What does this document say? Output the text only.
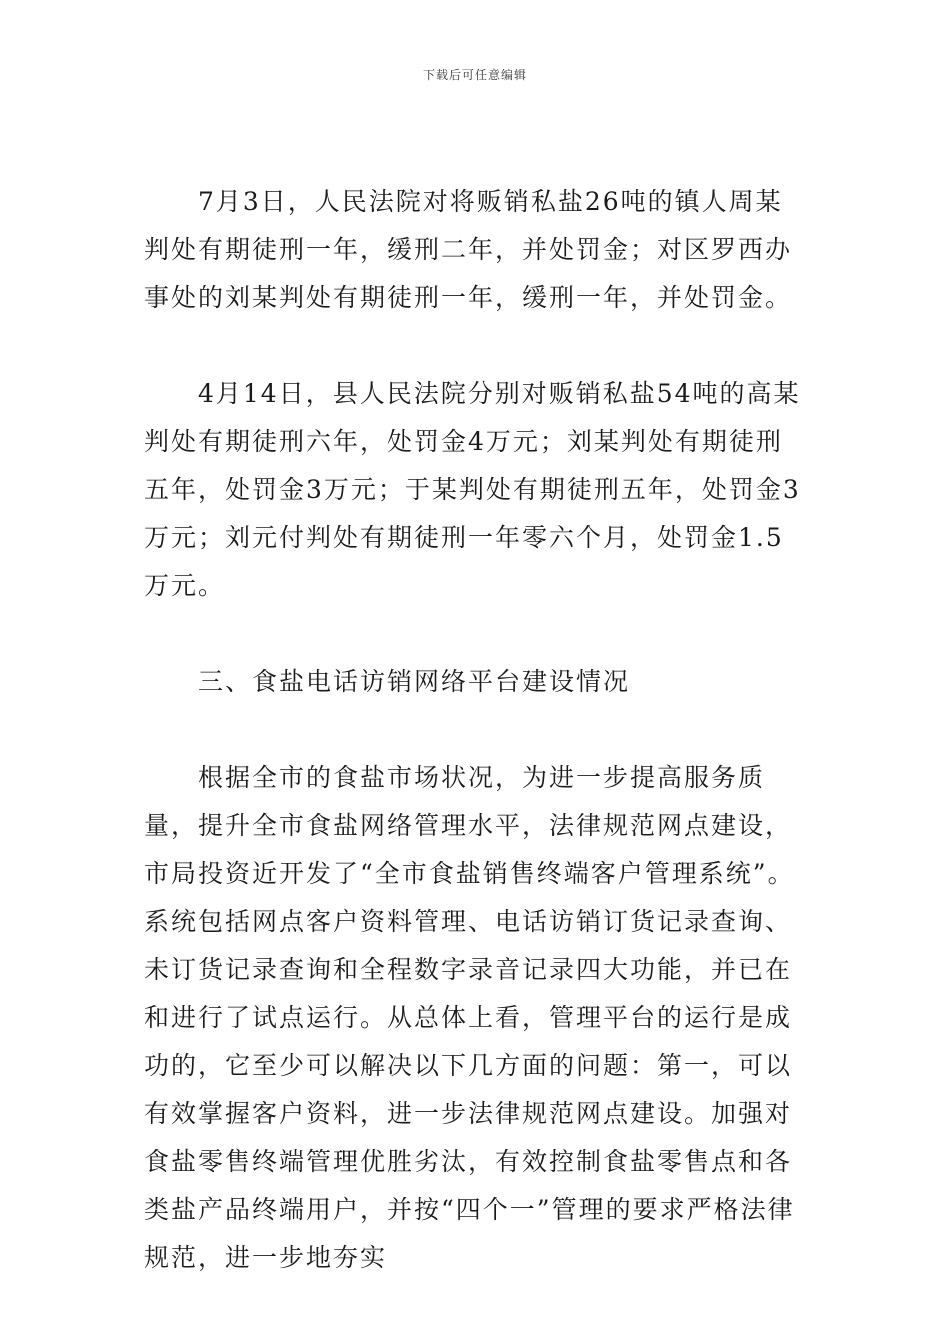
下载后可任意编辑

7月3日，人民法院对将贩销私盐26吨的镇人周某判处有期徒刑一年，缓刑二年，并处罚金；对区罗西办事处的刘某判处有期徒刑一年，缓刑一年，并处罚金。

4月14日，县人民法院分别对贩销私盐54吨的高某判处有期徒刑六年，处罚金4万元；刘某判处有期徒刑五年，处罚金3万元；于某判处有期徒刑五年，处罚金3万元；刘元付判处有期徒刑一年零六个月，处罚金1.5万元。

三、食盐电话访销网络平台建设情况

根据全市的食盐市场状况，为进一步提高服务质量，提升全市食盐网络管理水平，法律规范网点建设，市局投资近开发了“全市食盐销售终端客户管理系统”。系统包括网点客户资料管理、电话访销订货记录查询、未订货记录查询和全程数字录音记录四大功能，并已在和进行了试点运行。从总体上看，管理平台的运行是成功的，它至少可以解决以下几方面的问题：第一，可以有效掌握客户资料，进一步法律规范网点建设。加强对食盐零售终端管理优胜劣汰，有效控制食盐零售点和各类盐产品终端用户，并按“四个一”管理的要求严格法律规范，进一步地夯实
